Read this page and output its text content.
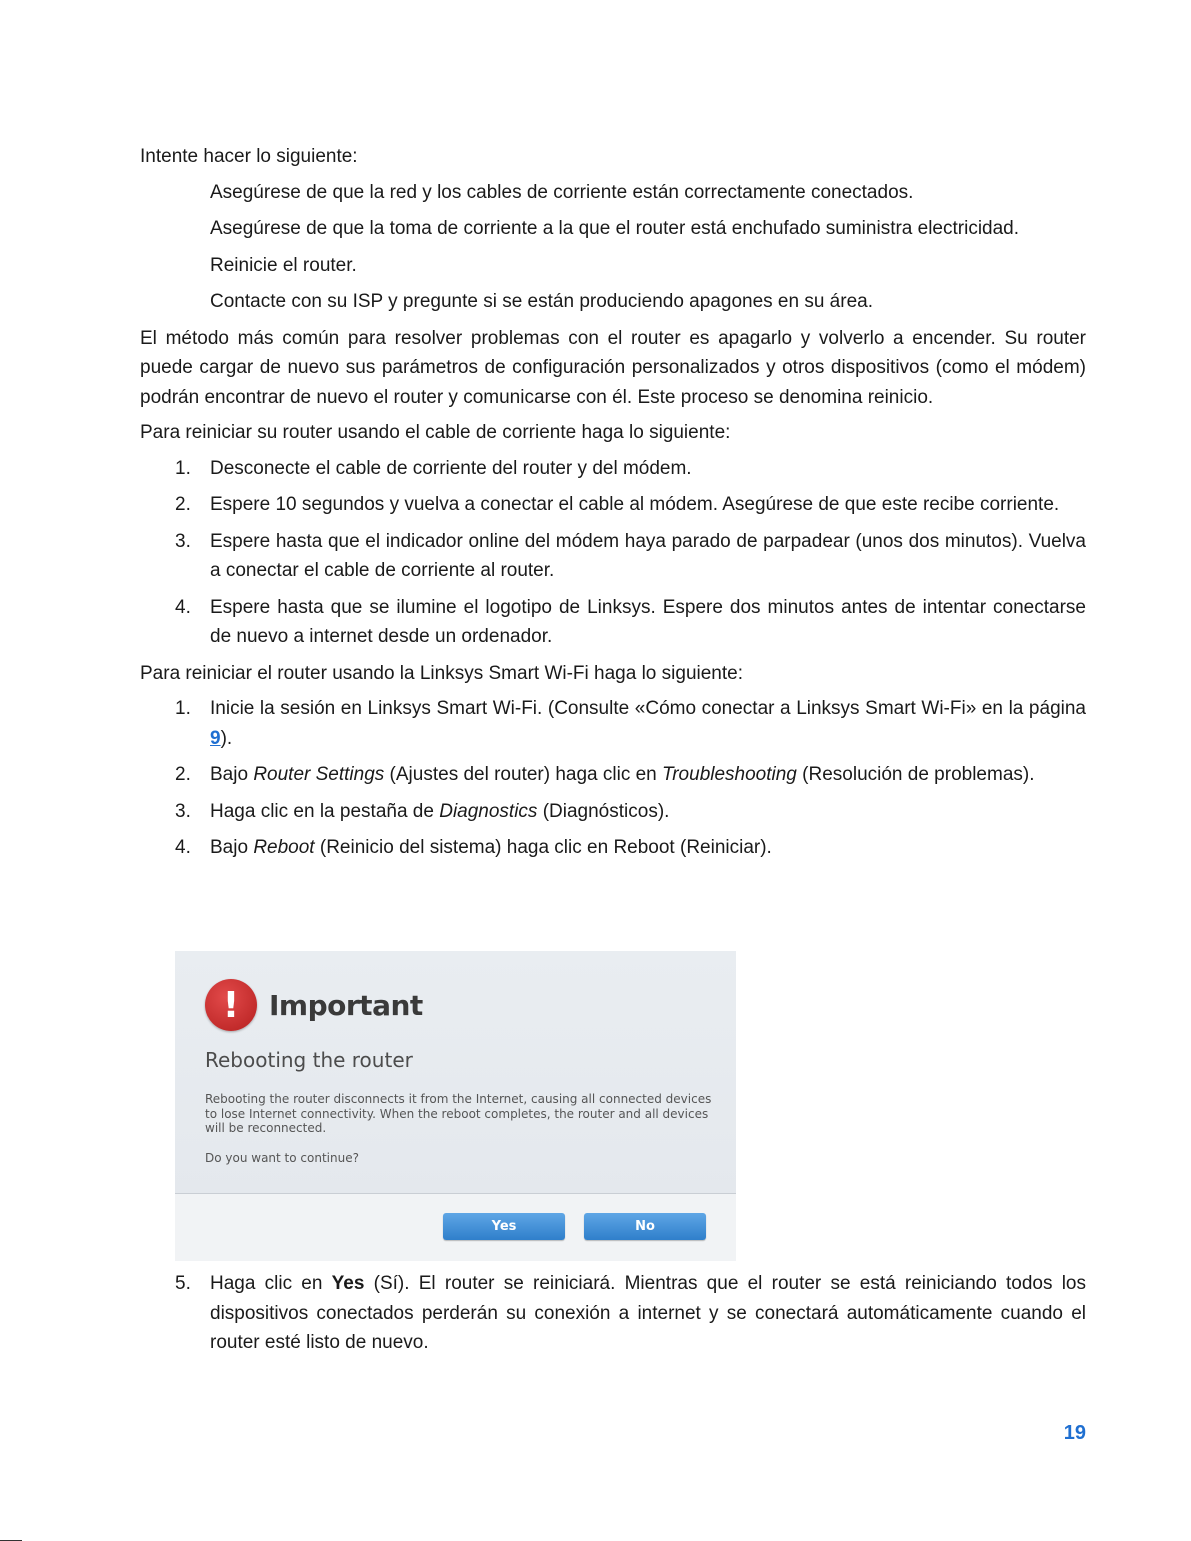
Intente hacer lo siguiente:

Asegúrese de que la red y los cables de corriente están correctamente conectados.

Asegúrese de que la toma de corriente a la que el router está enchufado suministra electricidad.

Reinicie el router.

Contacte con su ISP y pregunte si se están produciendo apagones en su área.

El método más común para resolver problemas con el router es apagarlo y volverlo a encender. Su router puede cargar de nuevo sus parámetros de configuración personalizados y otros dispositivos (como el módem) podrán encontrar de nuevo el router y comunicarse con él. Este proceso se denomina reinicio.

Para reiniciar su router usando el cable de corriente haga lo siguiente:

1. Desconecte el cable de corriente del router y del módem.
2. Espere 10 segundos y vuelva a conectar el cable al módem. Asegúrese de que este recibe corriente.
3. Espere hasta que el indicador online del módem haya parado de parpadear (unos dos minutos). Vuelva a conectar el cable de corriente al router.
4. Espere hasta que se ilumine el logotipo de Linksys. Espere dos minutos antes de intentar conectarse de nuevo a internet desde un ordenador.

Para reiniciar el router usando la Linksys Smart Wi-Fi haga lo siguiente:

1. Inicie la sesión en Linksys Smart Wi-Fi. (Consulte «Cómo conectar a Linksys Smart Wi-Fi» en la página 9).
2. Bajo Router Settings (Ajustes del router) haga clic en Troubleshooting (Resolución de problemas).
3. Haga clic en la pestaña de Diagnostics (Diagnósticos).
4. Bajo Reboot (Reinicio del sistema) haga clic en Reboot (Reiniciar).
!	Important
Rebooting the router
Rebooting the router disconnects it from the Internet, causing all connected devices to lose Internet connectivity. When the reboot completes, the router and all devices will be reconnected.
Do you want to continue?
Yes	No
5. Haga clic en Yes (Sí). El router se reiniciará. Mientras que el router se está reiniciando todos los dispositivos conectados perderán su conexión a internet y se conectará automáticamente cuando el router esté listo de nuevo.
19
